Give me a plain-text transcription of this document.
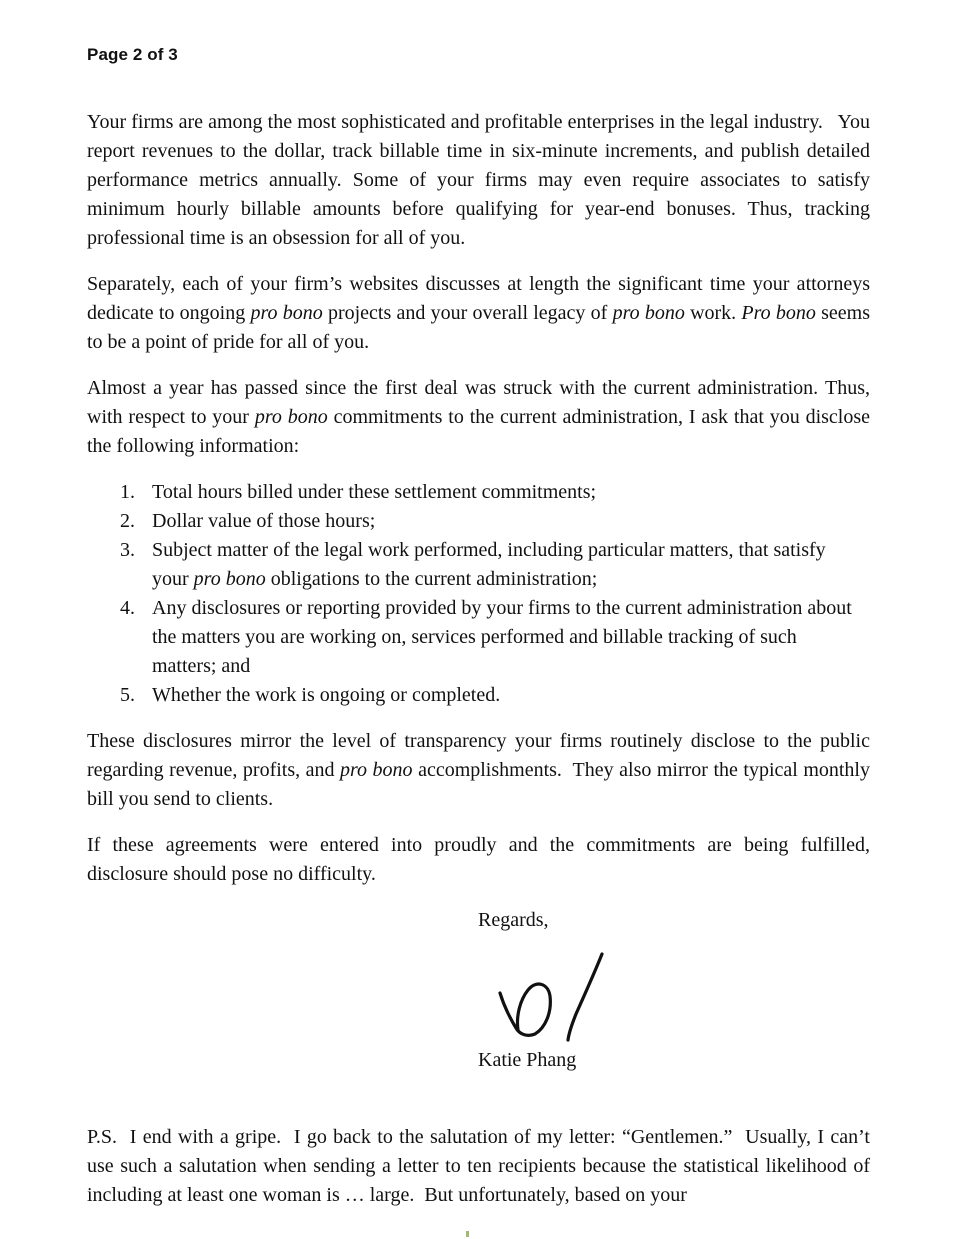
Page 2 of 3

Your firms are among the most sophisticated and profitable enterprises in the legal industry.   You report revenues to the dollar, track billable time in six-minute increments, and publish detailed performance metrics annually. Some of your firms may even require associates to satisfy minimum hourly billable amounts before qualifying for year-end bonuses. Thus, tracking professional time is an obsession for all of you.

Separately, each of your firm’s websites discusses at length the significant time your attorneys dedicate to ongoing pro bono projects and your overall legacy of pro bono work. Pro bono seems to be a point of pride for all of you.

Almost a year has passed since the first deal was struck with the current administration. Thus, with respect to your pro bono commitments to the current administration, I ask that you disclose the following information:

1. Total hours billed under these settlement commitments;
2. Dollar value of those hours;
3. Subject matter of the legal work performed, including particular matters, that satisfy your pro bono obligations to the current administration;
4. Any disclosures or reporting provided by your firms to the current administration about the matters you are working on, services performed and billable tracking of such matters; and
5. Whether the work is ongoing or completed.

These disclosures mirror the level of transparency your firms routinely disclose to the public regarding revenue, profits, and pro bono accomplishments.  They also mirror the typical monthly bill you send to clients.

If these agreements were entered into proudly and the commitments are being fulfilled, disclosure should pose no difficulty.

Regards,
Katie Phang

P.S.  I end with a gripe.  I go back to the salutation of my letter: “Gentlemen.”  Usually, I can’t use such a salutation when sending a letter to ten recipients because the statistical likelihood of including at least one woman is … large.  But unfortunately, based on your
